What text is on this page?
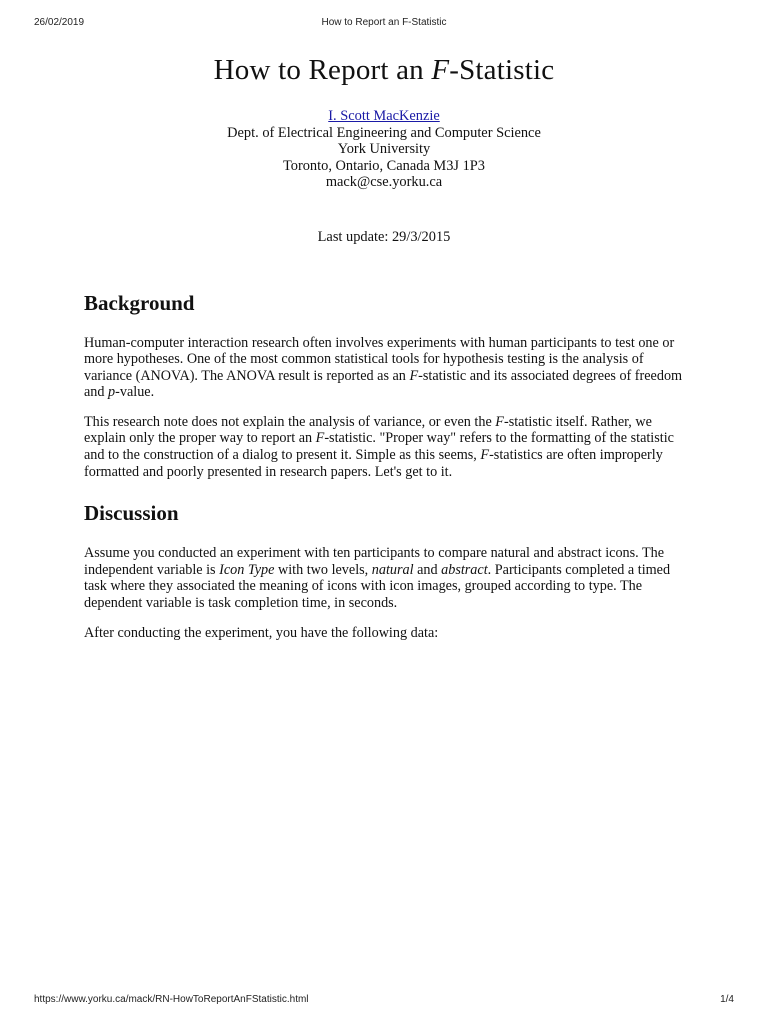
26/02/2019	How to Report an F-Statistic
How to Report an F-Statistic
I. Scott MacKenzie
Dept. of Electrical Engineering and Computer Science
York University
Toronto, Ontario, Canada M3J 1P3
mack@cse.yorku.ca
Last update: 29/3/2015
Background

Human-computer interaction research often involves experiments with human participants to test one or more hypotheses. One of the most common statistical tools for hypothesis testing is the analysis of variance (ANOVA). The ANOVA result is reported as an F-statistic and its associated degrees of freedom and p-value.

This research note does not explain the analysis of variance, or even the F-statistic itself. Rather, we explain only the proper way to report an F-statistic. "Proper way" refers to the formatting of the statistic and to the construction of a dialog to present it. Simple as this seems, F-statistics are often improperly formatted and poorly presented in research papers. Let's get to it.

Discussion

Assume you conducted an experiment with ten participants to compare natural and abstract icons. The independent variable is Icon Type with two levels, natural and abstract. Participants completed a timed task where they associated the meaning of icons with icon images, grouped according to type. The dependent variable is task completion time, in seconds.

After conducting the experiment, you have the following data:

https://www.yorku.ca/mack/RN-HowToReportAnFStatistic.html	1/4
